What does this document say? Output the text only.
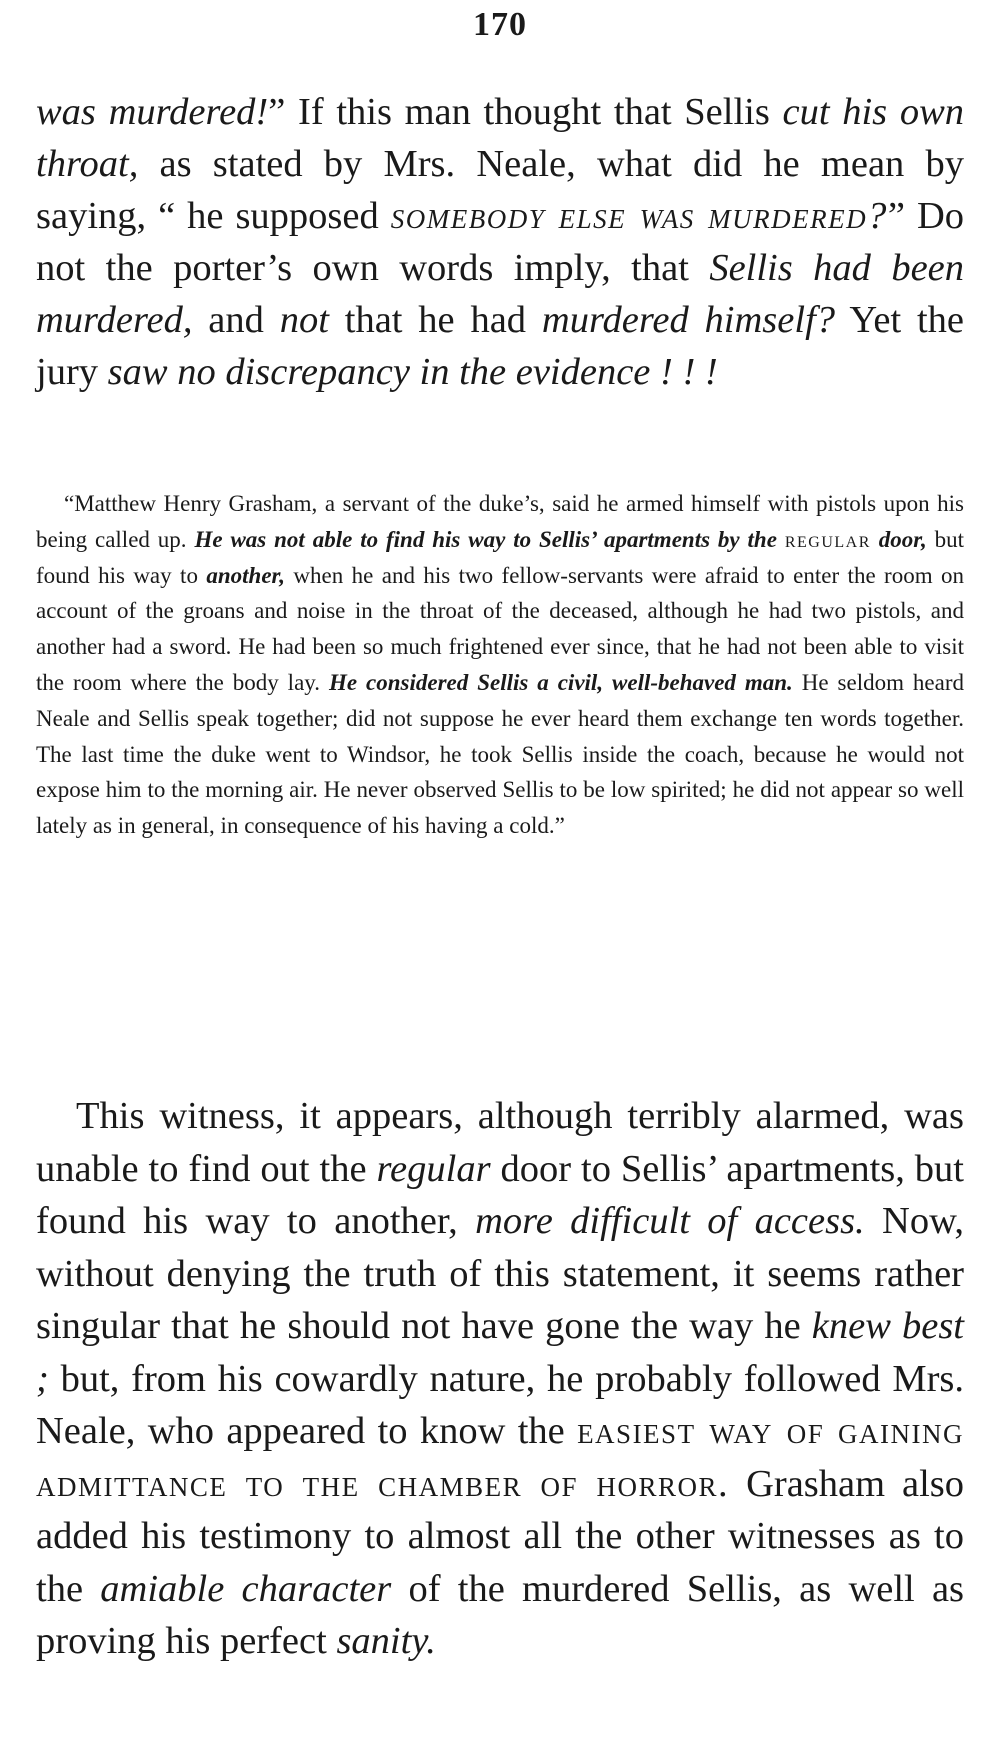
170
was murdered!” If this man thought that Sellis cut his own throat, as stated by Mrs. Neale, what did he mean by saying, “ he supposed somebody else was murdered?” Do not the porter’s own words imply, that Sellis had been murdered, and not that he had murdered himself? Yet the jury saw no discrepancy in the evidence ! ! !
“Matthew Henry Grasham, a servant of the duke’s, said he armed himself with pistols upon his being called up. He was not able to find his way to Sellis’ apartments by the regular door, but found his way to another, when he and his two fellow-servants were afraid to enter the room on account of the groans and noise in the throat of the deceased, although he had two pistols, and another had a sword. He had been so much frightened ever since, that he had not been able to visit the room where the body lay. He considered Sellis a civil, well-behaved man. He seldom heard Neale and Sellis speak together; did not suppose he ever heard them exchange ten words together. The last time the duke went to Windsor, he took Sellis inside the coach, because he would not expose him to the morning air. He never observed Sellis to be low spirited; he did not appear so well lately as in general, in consequence of his having a cold.”
This witness, it appears, although terribly alarmed, was unable to find out the regular door to Sellis’ apartments, but found his way to another, more difficult of access. Now, without denying the truth of this statement, it seems rather singular that he should not have gone the way he knew best ; but, from his cowardly nature, he probably followed Mrs. Neale, who appeared to know the easiest way of gaining admittance to the chamber of horror. Grasham also added his testimony to almost all the other witnesses as to the amiable character of the murdered Sellis, as well as proving his perfect sanity.
